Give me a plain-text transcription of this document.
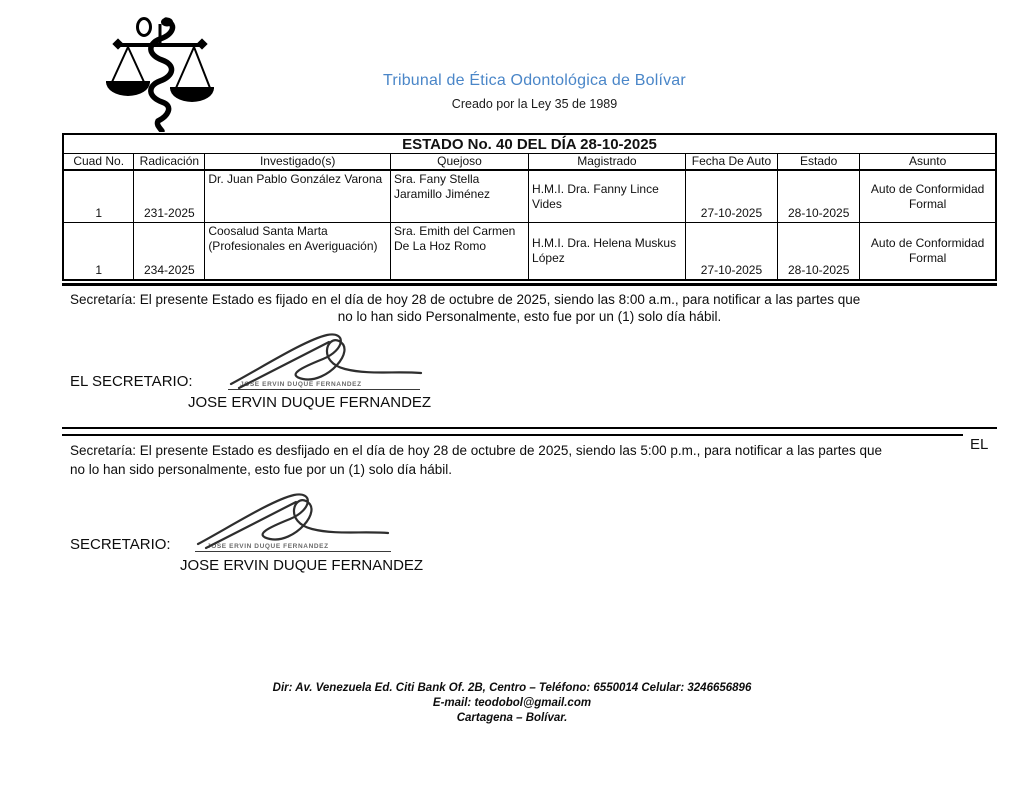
Tribunal de Ética Odontológica de Bolívar
Creado por la Ley 35 de 1989
ESTADO No. 40 DEL DÍA 28-10-2025							
Cuad No.	Radicación	Investigado(s)	Quejoso	Magistrado	Fecha De Auto	Estado	Asunto
1	231-2025	Dr. Juan Pablo González Varona	Sra. Fany Stella Jaramillo Jiménez	H.M.I. Dra. Fanny Lince Vides	27-10-2025	28-10-2025	Auto de Conformidad Formal
1	234-2025	Coosalud Santa Marta (Profesionales en Averiguación)	Sra. Emith del Carmen De La Hoz Romo	H.M.I. Dra. Helena Muskus López	27-10-2025	28-10-2025	Auto de Conformidad Formal
Secretaría: El presente Estado es fijado en el día de hoy 28 de octubre de 2025, siendo las 8:00 a.m., para notificar a las partes que
no lo han sido Personalmente, esto fue por un (1) solo día hábil.
EL SECRETARIO:	JOSE ERVIN DUQUE FERNANDEZ
JOSE ERVIN DUQUE FERNANDEZ
EL
Secretaría: El presente Estado es desfijado en el día de hoy 28 de octubre de 2025, siendo las 5:00 p.m., para notificar a las partes que
no lo han sido personalmente, esto fue por un (1) solo día hábil.
SECRETARIO:	JOSE ERVIN DUQUE FERNANDEZ
JOSE ERVIN DUQUE FERNANDEZ
Dir: Av. Venezuela Ed. Citi Bank Of. 2B, Centro – Teléfono: 6550014 Celular: 3246656896
E-mail: teodobol@gmail.com
Cartagena – Bolívar.
